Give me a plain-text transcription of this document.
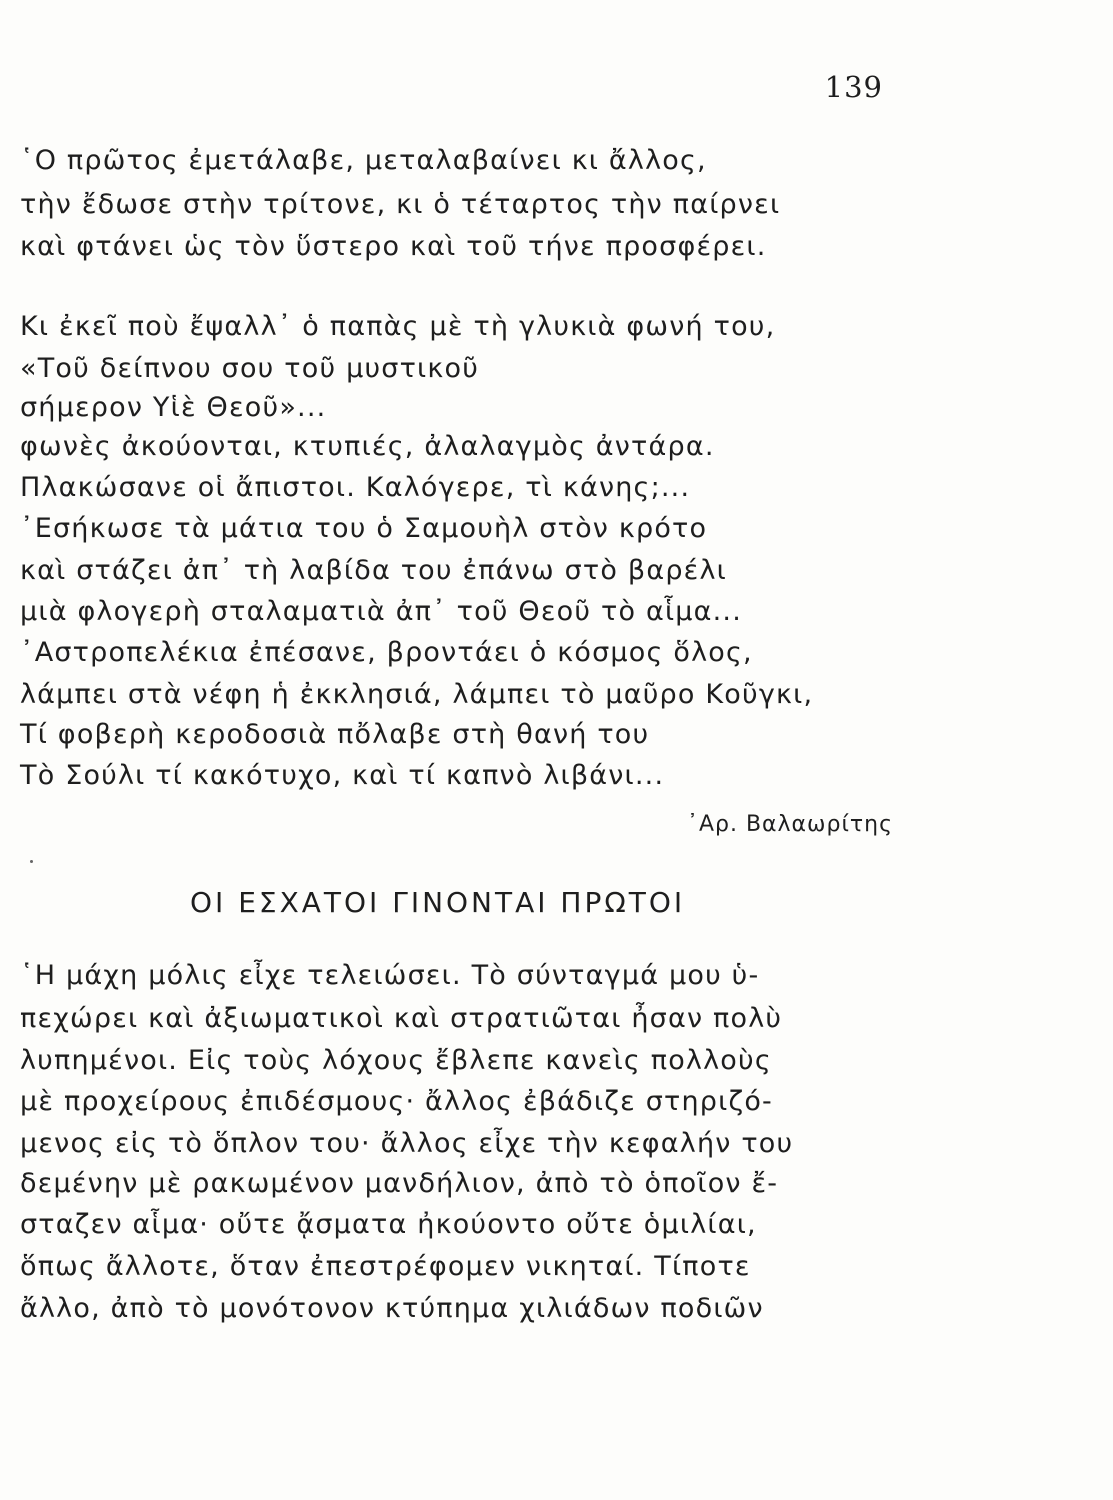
139
῾Ο πρῶτος ἐμετάλαβε, μεταλαβαίνει κι ἄλλος,
τὴν ἔδωσε στὴν τρίτονε, κι ὁ τέταρτος τὴν παίρνει
καὶ φτάνει ὡς τὸν ὕστερο καὶ τοῦ τήνε προσφέρει.
Κι ἐκεῖ ποὺ ἔψαλλ᾽ ὁ παπὰς μὲ τὴ γλυκιὰ φωνή του,
«Τοῦ δείπνου σου τοῦ μυστικοῦ
σήμερον Υἱὲ Θεοῦ»...
φωνὲς ἀκούονται, κτυπιές, ἀλαλαγμὸς ἀντάρα.
Πλακώσανε οἱ ἄπιστοι. Καλόγερε, τὶ κάνης;...
᾽Εσήκωσε τὰ μάτια του ὁ Σαμουὴλ στὸν κρότο
καὶ στάζει ἀπ᾽ τὴ λαβίδα του ἐπάνω στὸ βαρέλι
μιὰ φλογερὴ σταλαματιὰ ἀπ᾽ τοῦ Θεοῦ τὸ αἷμα...
᾽Αστροπελέκια ἐπέσανε, βροντάει ὁ κόσμος ὅλος,
λάμπει στὰ νέφη ἡ ἐκκλησιά, λάμπει τὸ μαῦρο Κοῦγκι,
Τί φοβερὴ κεροδοσιὰ πὄλαβε στὴ θανή του
Τὸ Σούλι τί κακότυχο, καὶ τί καπνὸ λιβάνι...
᾽Αρ. Βαλαωρίτης
ΟΙ ΕΣΧΑΤΟΙ ΓΙΝΟΝΤΑΙ ΠΡΩΤΟΙ
῾Η μάχη μόλις εἶχε τελειώσει. Τὸ σύνταγμά μου ὑ-
πεχώρει καὶ ἀξιωματικοὶ καὶ στρατιῶται ἦσαν πολὺ
λυπημένοι. Εἰς τοὺς λόχους ἔβλεπε κανεὶς πολλοὺς
μὲ προχείρους ἐπιδέσμους· ἄλλος ἐβάδιζε στηριζό-
μενος εἰς τὸ ὅπλον του· ἄλλος εἶχε τὴν κεφαλήν του
δεμένην μὲ ρακωμένον μανδήλιον, ἀπὸ τὸ ὁποῖον ἔ-
σταζεν αἷμα· οὔτε ᾄσματα ἠκούοντο οὔτε ὁμιλίαι,
ὅπως ἄλλοτε, ὅταν ἐπεστρέφομεν νικηταί. Τίποτε
ἄλλο, ἀπὸ τὸ μονότονον κτύπημα χιλιάδων ποδιῶν
